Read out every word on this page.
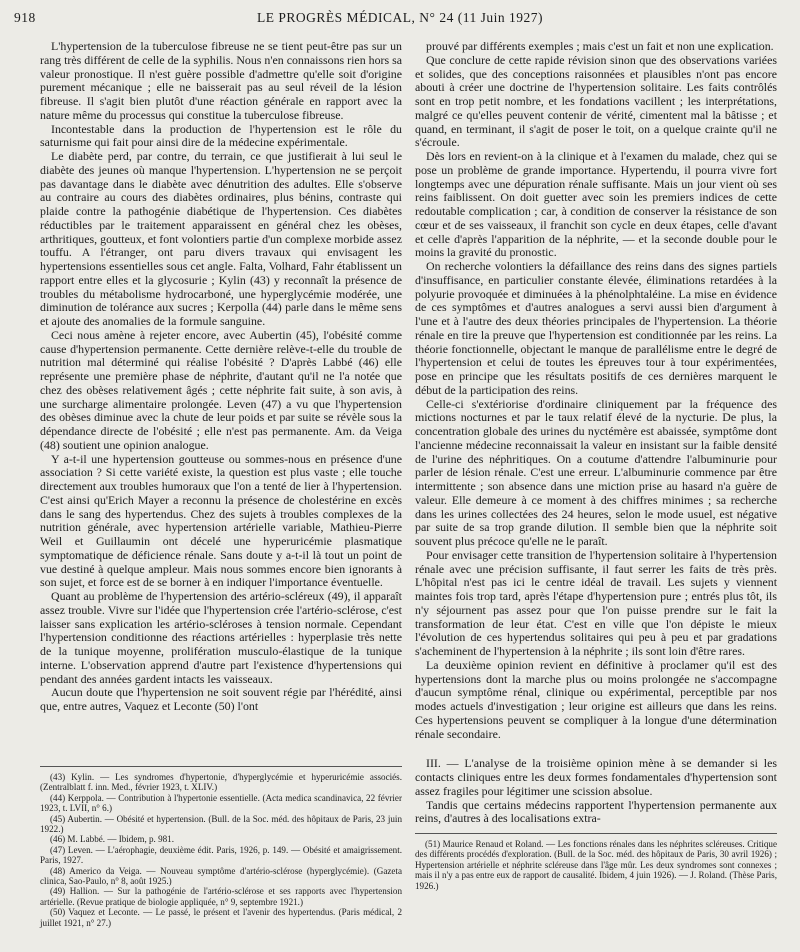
918	LE PROGRÈS MÉDICAL, N° 24 (11 Juin 1927)

L'hypertension de la tuberculose fibreuse ne se tient peut-être pas sur un rang très différent de celle de la syphilis. Nous n'en connaissons rien hors sa valeur pronostique. Il n'est guère possible d'admettre qu'elle soit d'origine purement mécanique ; elle ne baisserait pas au seul réveil de la lésion fibreuse. Il s'agit bien plutôt d'une réaction générale en rapport avec la nature même du processus qui constitue la tuberculose fibreuse.

Incontestable dans la production de l'hypertension est le rôle du saturnisme qui fait pour ainsi dire de la médecine expérimentale.

Le diabète perd, par contre, du terrain, ce que justifierait à lui seul le diabète des jeunes où manque l'hypertension. L'hypertension ne se perçoit pas davantage dans le diabète avec dénutrition des adultes. Elle s'observe au contraire au cours des diabètes ordinaires, plus bénins, contraste qui plaide contre la pathogénie diabétique de l'hypertension. Ces diabètes réductibles par le traitement apparaissent en général chez les obèses, arthritiques, goutteux, et font volontiers partie d'un complexe morbide assez touffu. A l'étranger, ont paru divers travaux qui envisagent les hypertensions essentielles sous cet angle. Falta, Volhard, Fahr établissent un rapport entre elles et la glycosurie ; Kylin (43) y reconnaît la présence de troubles du métabolisme hydrocarboné, une hyperglycémie modérée, une diminution de tolérance aux sucres ; Kerpolla (44) parle dans le même sens et ajoute des anomalies de la formule sanguine.

Ceci nous amène à rejeter encore, avec Aubertin (45), l'obésité comme cause d'hypertension permanente. Cette dernière relève-t-elle du trouble de nutrition mal déterminé qui réalise l'obésité ? D'après Labbé (46) elle représente une première phase de néphrite, d'autant qu'il ne l'a notée que chez des obèses relativement âgés ; cette néphrite fait suite, à son avis, à une surcharge alimentaire prolongée. Leven (47) a vu que l'hypertension des obèses diminue avec la chute de leur poids et par suite se révèle sous la dépendance directe de l'obésité ; elle n'est pas permanente. Am. da Veiga (48) soutient une opinion analogue.

Y a-t-il une hypertension goutteuse ou sommes-nous en présence d'une association ? Si cette variété existe, la question est plus vaste ; elle touche directement aux troubles humoraux que l'on a tenté de lier à l'hypertension. C'est ainsi qu'Erich Mayer a reconnu la présence de cholestérine en excès dans le sang des hypertendus. Chez des sujets à troubles complexes de la nutrition générale, avec hypertension artérielle variable, Mathieu-Pierre Weil et Guillaumin ont décelé une hyperuricémie plasmatique symptomatique de déficience rénale. Sans doute y a-t-il là tout un point de vue destiné à quelque ampleur. Mais nous sommes encore bien ignorants à son sujet, et force est de se borner à en indiquer l'importance éventuelle.

Quant au problème de l'hypertension des artério-scléreux (49), il apparaît assez trouble. Vivre sur l'idée que l'hypertension crée l'artério-sclérose, c'est laisser sans explication les artério-scléroses à tension normale. Cependant l'hypertension conditionne des réactions artérielles : hyperplasie très nette de la tunique moyenne, prolifération musculo-élastique de la tunique interne. L'observation apprend d'autre part l'existence d'hypertensions qui pendant des années gardent intacts les vaisseaux.

Aucun doute que l'hypertension ne soit souvent régie par l'hérédité, ainsi que, entre autres, Vaquez et Leconte (50) l'ont

(43) Kylin. — Les syndromes d'hypertonie, d'hyperglycémie et hyperuricémie associés. (Zentralblatt f. inn. Med., février 1923, t. XLIV.)

(44) Kerppola. — Contribution à l'hypertonie essentielle. (Acta medica scandinavica, 22 février 1923, t. LVII, n° 6.)

(45) Aubertin. — Obésité et hypertension. (Bull. de la Soc. méd. des hôpitaux de Paris, 23 juin 1922.)

(46) M. Labbé. — Ibidem, p. 981.

(47) Leven. — L'aérophagie, deuxième édit. Paris, 1926, p. 149. — Obésité et amaigrissement. Paris, 1927.

(48) Americo da Veiga. — Nouveau symptôme d'artério-sclérose (hyperglycémie). (Gazeta clinica, Sao-Paulo, n° 8, août 1925.)

(49) Hallion. — Sur la pathogénie de l'artério-sclérose et ses rapports avec l'hypertension artérielle. (Revue pratique de biologie appliquée, n° 9, septembre 1921.)

(50) Vaquez et Leconte. — Le passé, le présent et l'avenir des hypertendus. (Paris médical, 2 juillet 1921, n° 27.)

prouvé par différents exemples ; mais c'est un fait et non une explication.

Que conclure de cette rapide révision sinon que des observations variées et solides, que des conceptions raisonnées et plausibles n'ont pas encore abouti à créer une doctrine de l'hypertension solitaire. Les faits contrôlés sont en trop petit nombre, et les fondations vacillent ; les interprétations, malgré ce qu'elles peuvent contenir de vérité, cimentent mal la bâtisse ; et quand, en terminant, il s'agit de poser le toit, on a quelque crainte qu'il ne s'écroule.

Dès lors en revient-on à la clinique et à l'examen du malade, chez qui se pose un problème de grande importance. Hypertendu, il pourra vivre fort longtemps avec une dépuration rénale suffisante. Mais un jour vient où ses reins faiblissent. On doit guetter avec soin les premiers indices de cette redoutable complication ; car, à condition de conserver la résistance de son cœur et de ses vaisseaux, il franchit son cycle en deux étapes, celle d'avant et celle d'après l'apparition de la néphrite, — et la seconde double pour le moins la gravité du pronostic.

On recherche volontiers la défaillance des reins dans des signes partiels d'insuffisance, en particulier constante élevée, éliminations retardées à la polyurie provoquée et diminuées à la phénolphtaléine. La mise en évidence de ces symptômes et d'autres analogues a servi aussi bien d'argument à l'une et à l'autre des deux théories principales de l'hypertension. La théorie rénale en tire la preuve que l'hypertension est conditionnée par les reins. La théorie fonctionnelle, objectant le manque de parallélisme entre le degré de l'hypertension et celui de toutes les épreuves tour à tour expérimentées, pose en principe que les résultats positifs de ces dernières marquent le début de la participation des reins.

Celle-ci s'extériorise d'ordinaire cliniquement par la fréquence des mictions nocturnes et par le taux relatif élevé de la nycturie. De plus, la concentration globale des urines du nyctémère est abaissée, symptôme dont l'ancienne médecine reconnaissait la valeur en insistant sur la faible densité de l'urine des néphritiques. On a coutume d'attendre l'albuminurie pour parler de lésion rénale. C'est une erreur. L'albuminurie commence par être intermittente ; son absence dans une miction prise au hasard n'a guère de valeur. Elle demeure à ce moment à des chiffres minimes ; sa recherche dans les urines collectées des 24 heures, selon le mode usuel, est négative par suite de sa trop grande dilution. Il semble bien que la néphrite soit souvent plus précoce qu'elle ne le paraît.

Pour envisager cette transition de l'hypertension solitaire à l'hypertension rénale avec une précision suffisante, il faut serrer les faits de très près. L'hôpital n'est pas ici le centre idéal de travail. Les sujets y viennent maintes fois trop tard, après l'étape d'hypertension pure ; entrés plus tôt, ils n'y séjournent pas assez pour que l'on puisse prendre sur le fait la transformation de leur état. C'est en ville que l'on dépiste le mieux l'évolution de ces hypertendus solitaires qui peu à peu et par gradations s'acheminent de l'hypertension à la néphrite ; ils sont loin d'être rares.

La deuxième opinion revient en définitive à proclamer qu'il est des hypertensions dont la marche plus ou moins prolongée ne s'accompagne d'aucun symptôme rénal, clinique ou expérimental, perceptible par nos modes actuels d'investigation ; leur origine est ailleurs que dans les reins. Ces hypertensions peuvent se compliquer à la longue d'une détermination rénale secondaire.

III. — L'analyse de la troisième opinion mène à se demander si les contacts cliniques entre les deux formes fondamentales d'hypertension sont assez fragiles pour légitimer une scission absolue.

Tandis que certains médecins rapportent l'hypertension permanente aux reins, d'autres à des localisations extra-

(51) Maurice Renaud et Roland. — Les fonctions rénales dans les néphrites scléreuses. Critique des différents procédés d'exploration. (Bull. de la Soc. méd. des hôpitaux de Paris, 30 avril 1926) ; Hypertension artérielle et néphrite scléreuse dans l'âge mûr. Les deux syndromes sont connexes ; mais il n'y a pas entre eux de rapport de causalité. Ibidem, 4 juin 1926). — J. Roland. (Thèse Paris, 1926.)
